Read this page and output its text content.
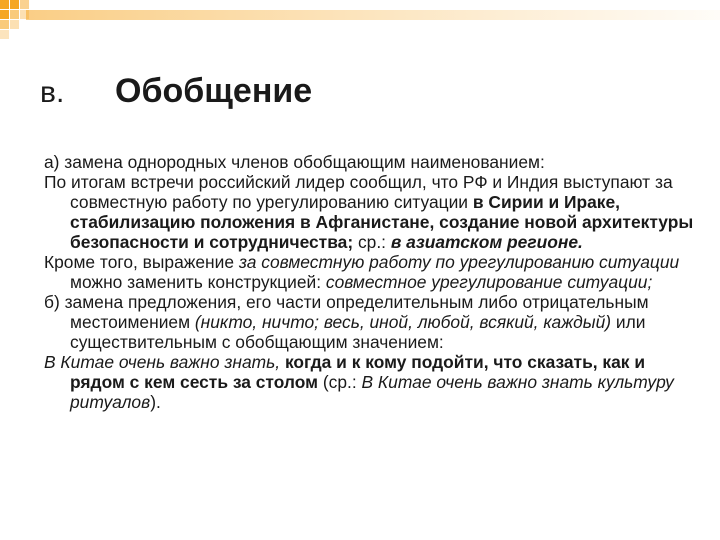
в.	Обобщение

а) замена однородных членов обобщающим наименованием:

По итогам встречи российский лидер сообщил, что РФ и Индия выступают за совместную работу по урегулированию ситуации в Сирии и Ираке, стабилизацию положения в Афганистане, создание новой архитектуры безопасности и сотрудничества; ср.: в азиатском регионе.

Кроме того, выражение за совместную работу по урегулированию ситуации можно заменить конструкцией: совместное урегулирование ситуации;

б) замена предложения, его части определительным либо отрицательным местоимением (никто, ничто; весь, иной, любой, всякий, каждый) или существительным с обобщающим значением:

В Китае очень важно знать, когда и к кому подойти, что сказать, как и рядом с кем сесть за столом (ср.: В Китае очень важно знать культуру ритуалов).
